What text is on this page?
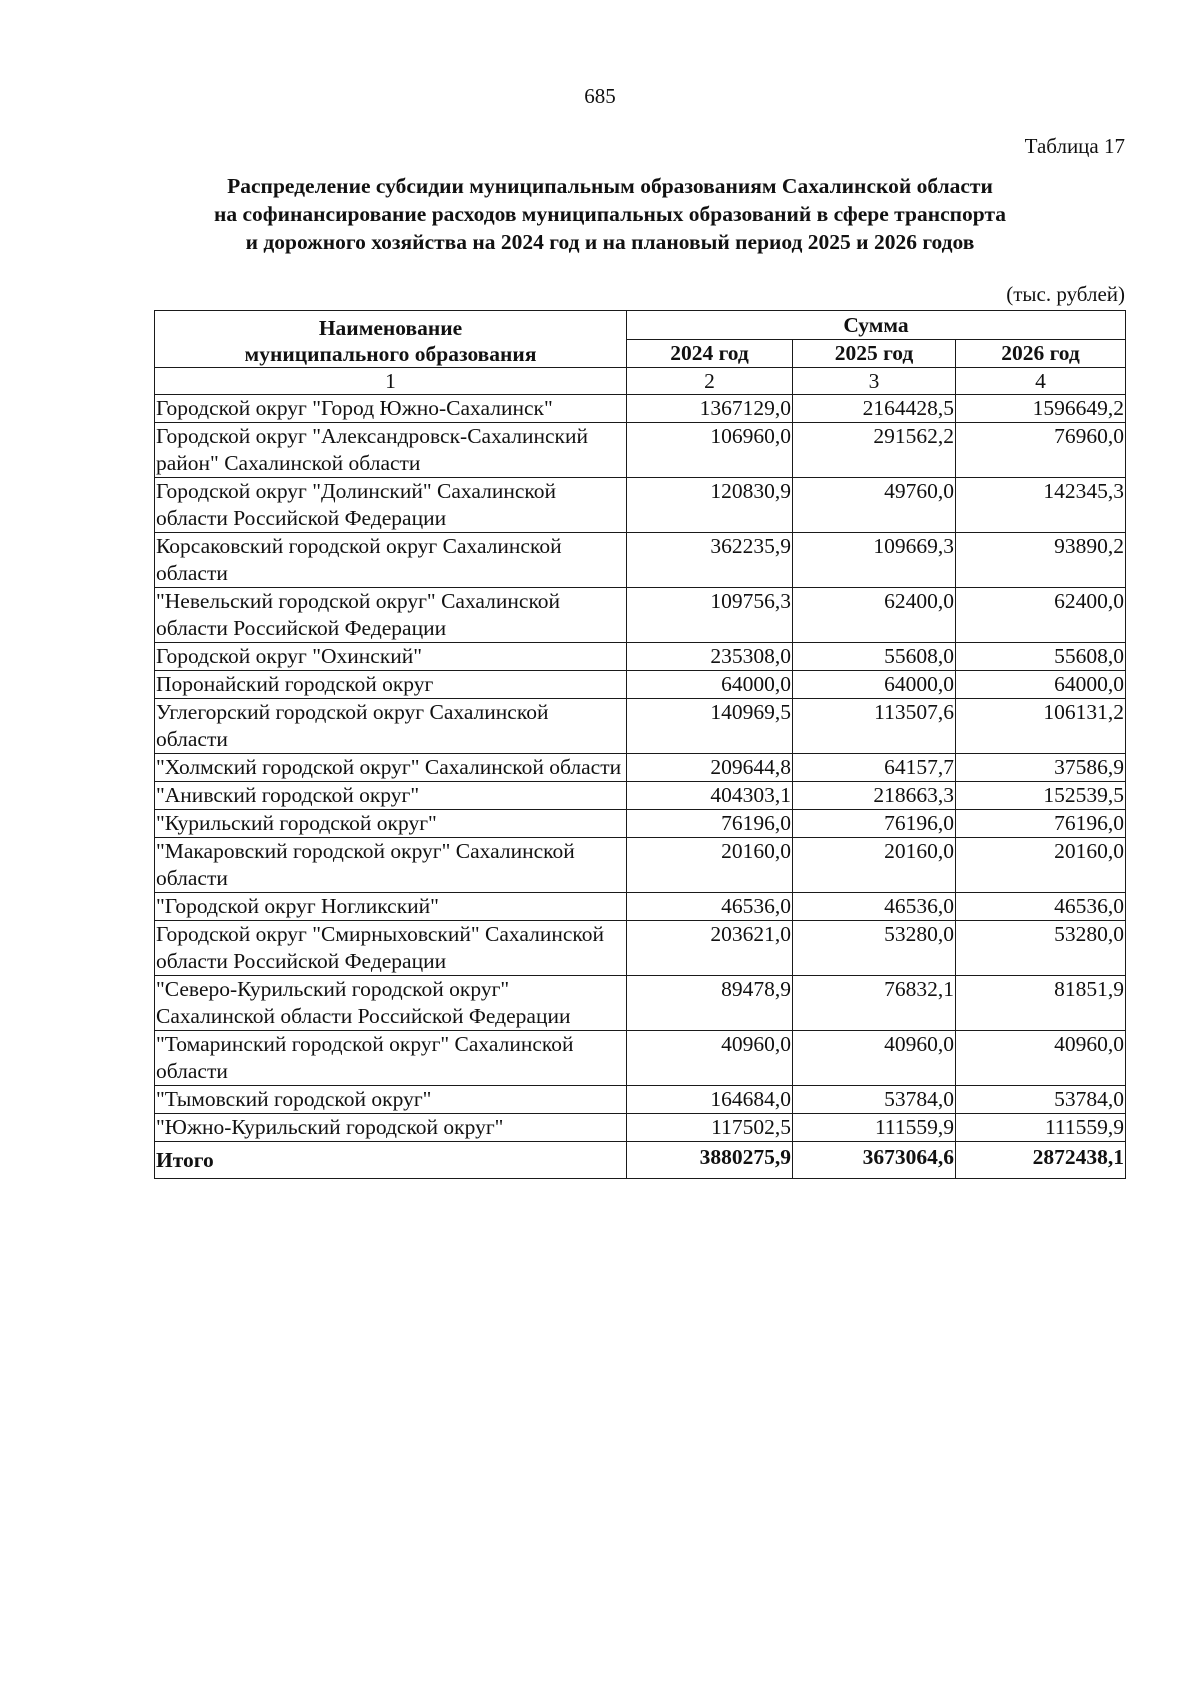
685
Таблица 17
Распределение субсидии муниципальным образованиям Сахалинской области
на софинансирование расходов муниципальных образований в сфере транспорта
и дорожного хозяйства на 2024 год и на плановый период 2025 и 2026 годов
(тыс. рублей)
Наименование
муниципального образования	Сумма		
	2024 год	2025 год	2026 год
1	2	3	4
Городской округ "Город Южно-Сахалинск"	1367129,0	2164428,5	1596649,2
Городской округ "Александровск-Сахалинский район" Сахалинской области	106960,0	291562,2	76960,0
Городской округ "Долинский" Сахалинской области Российской Федерации	120830,9	49760,0	142345,3
Корсаковский городской округ Сахалинской области	362235,9	109669,3	93890,2
"Невельский городской округ" Сахалинской области Российской Федерации	109756,3	62400,0	62400,0
Городской округ "Охинский"	235308,0	55608,0	55608,0
Поронайский городской округ	64000,0	64000,0	64000,0
Углегорский городской округ Сахалинской области	140969,5	113507,6	106131,2
"Холмский городской округ" Сахалинской области	209644,8	64157,7	37586,9
"Анивский городской округ"	404303,1	218663,3	152539,5
"Курильский городской округ"	76196,0	76196,0	76196,0
"Макаровский городской округ" Сахалинской области	20160,0	20160,0	20160,0
"Городской округ Ногликский"	46536,0	46536,0	46536,0
Городской округ "Смирныховский" Сахалинской области Российской Федерации	203621,0	53280,0	53280,0
"Северо-Курильский городской округ" Сахалинской области Российской Федерации	89478,9	76832,1	81851,9
"Томаринский городской округ" Сахалинской области	40960,0	40960,0	40960,0
"Тымовский городской округ"	164684,0	53784,0	53784,0
"Южно-Курильский городской округ"	117502,5	111559,9	111559,9
Итого	3880275,9	3673064,6	2872438,1
